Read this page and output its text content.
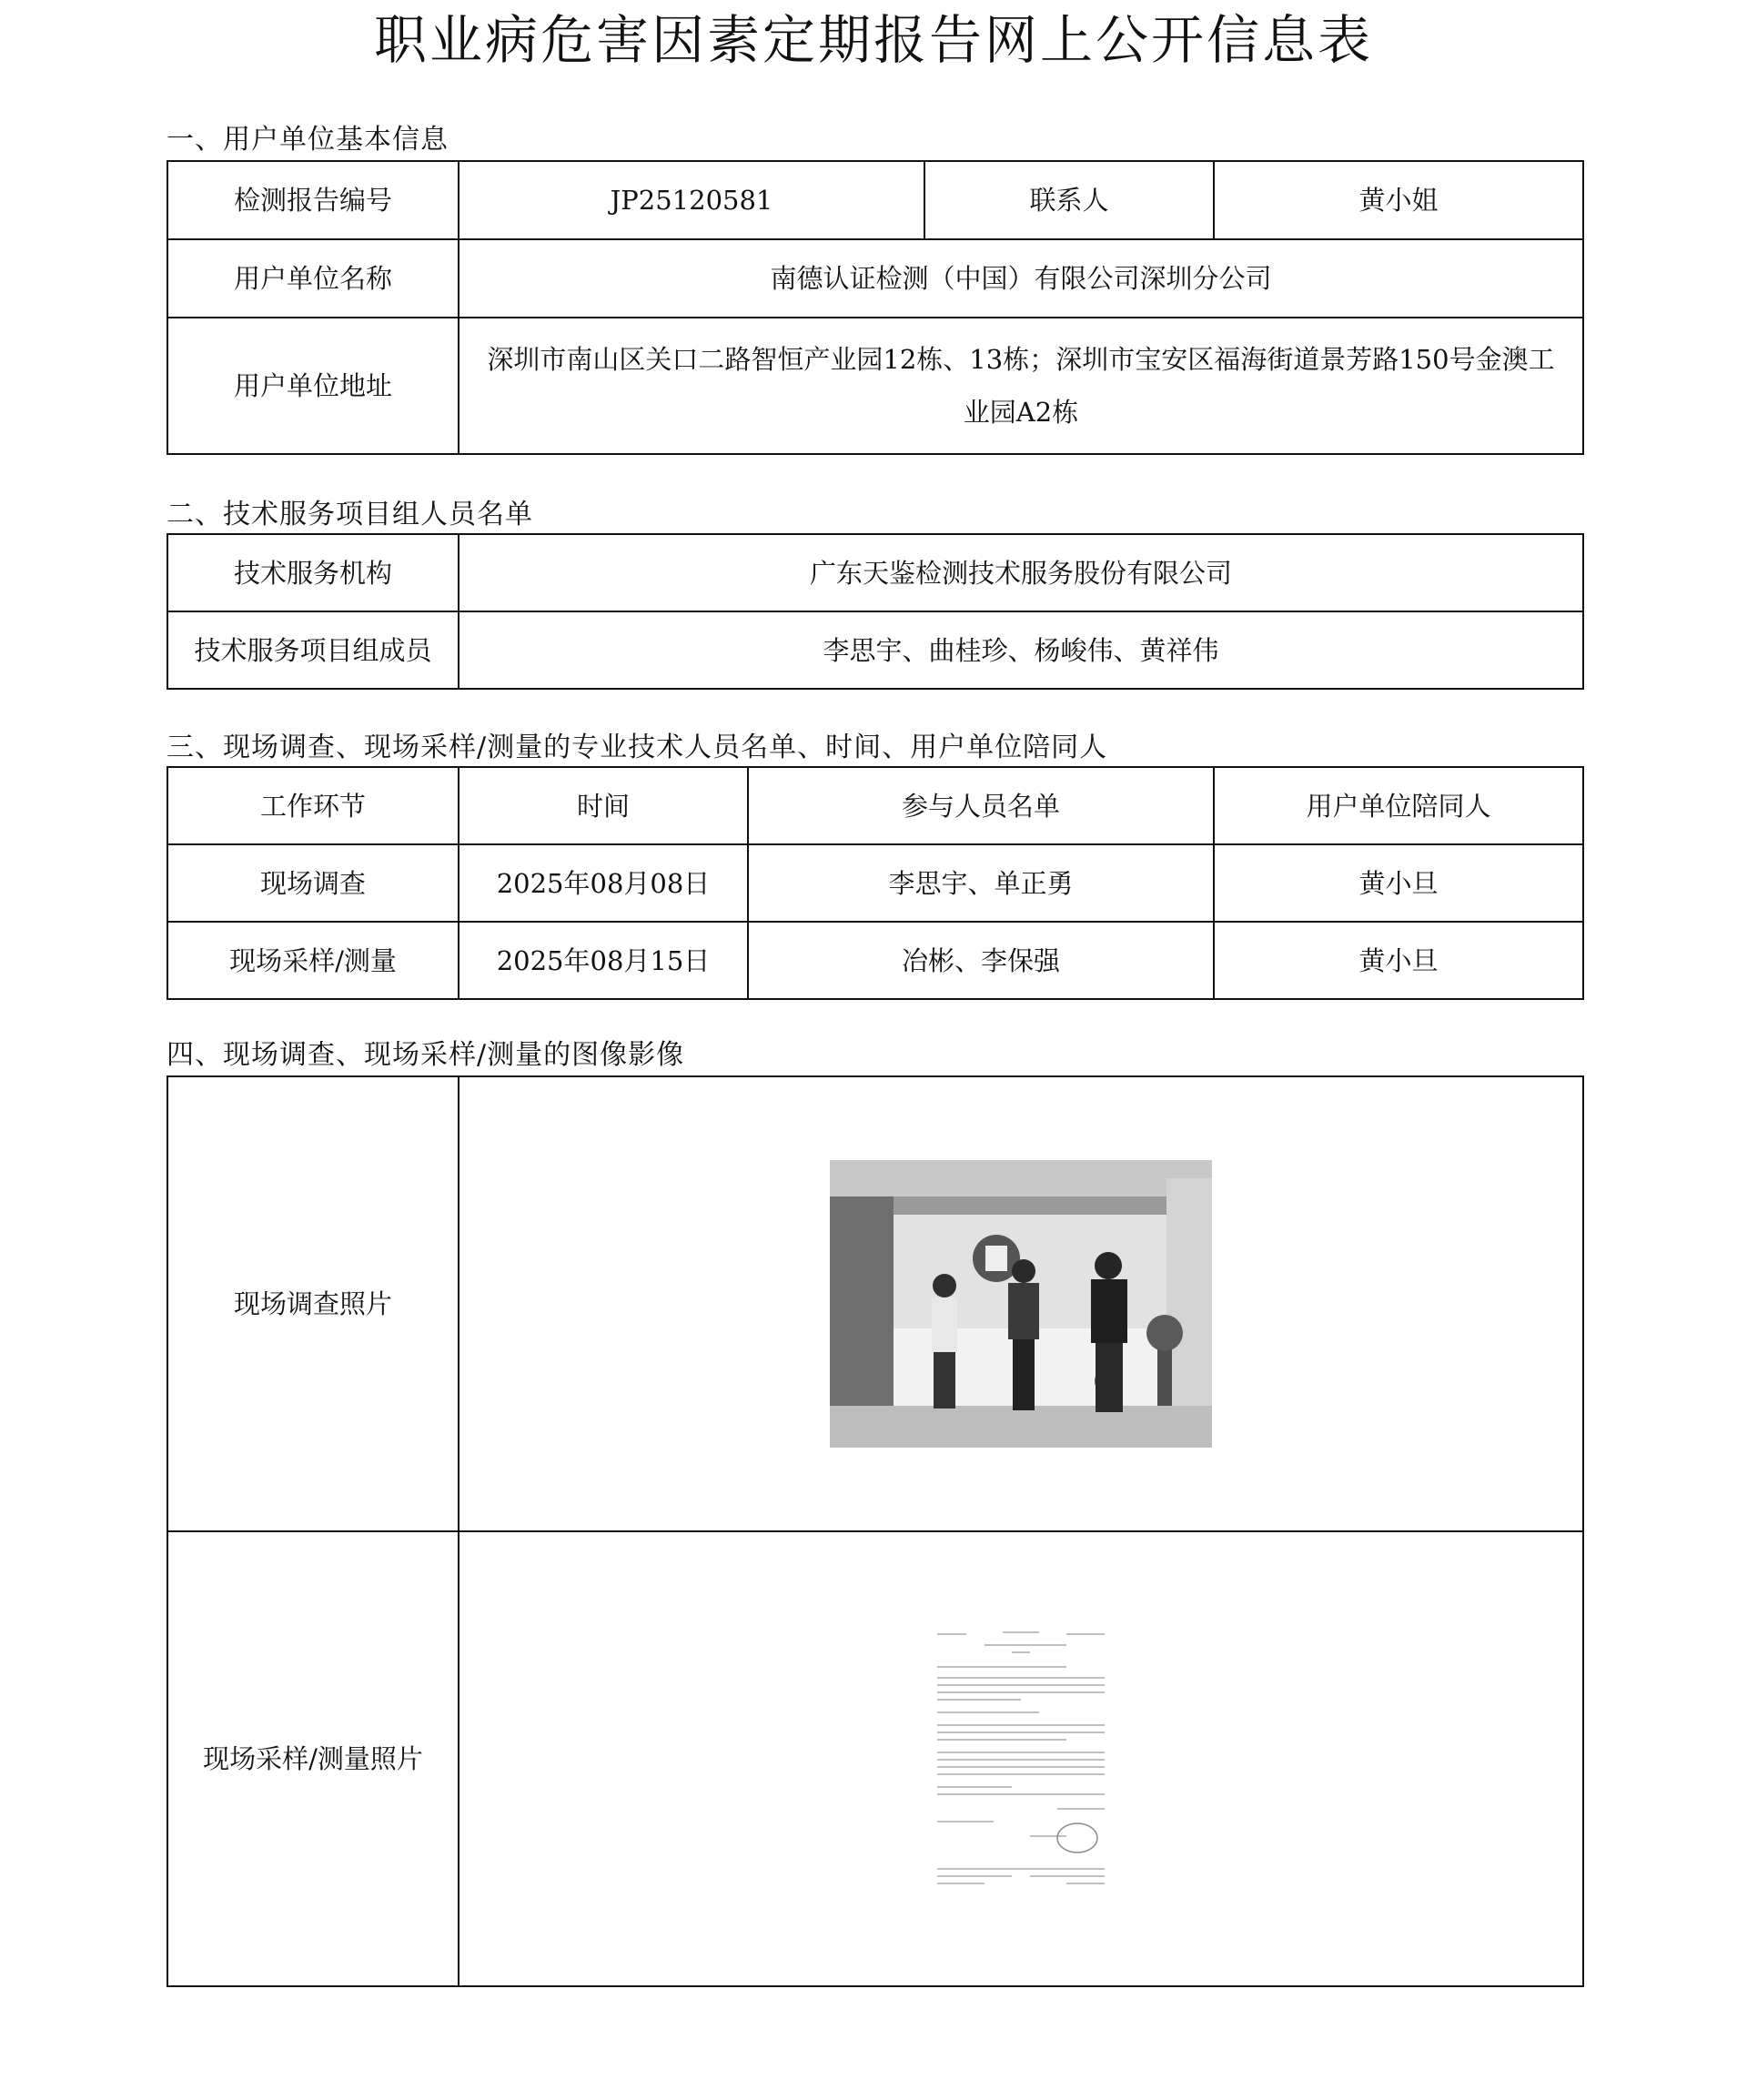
职业病危害因素定期报告网上公开信息表
一、用户单位基本信息
检测报告编号	JP25120581	联系人	黄小姐
用户单位名称	南德认证检测（中国）有限公司深圳分公司		
用户单位地址	深圳市南山区关口二路智恒产业园12栋、13栋；深圳市宝安区福海街道景芳路150号金澳工业园A2栋		
二、技术服务项目组人员名单
技术服务机构	广东天鉴检测技术服务股份有限公司
技术服务项目组成员	李思宇、曲桂珍、杨峻伟、黄祥伟
三、现场调查、现场采样/测量的专业技术人员名单、时间、用户单位陪同人
工作环节	时间	参与人员名单	用户单位陪同人
现场调查	2025年08月08日	李思宇、单正勇	黄小旦
现场采样/测量	2025年08月15日	冶彬、李保强	黄小旦
四、现场调查、现场采样/测量的图像影像
现场调查照片	

现场采样/测量照片	
